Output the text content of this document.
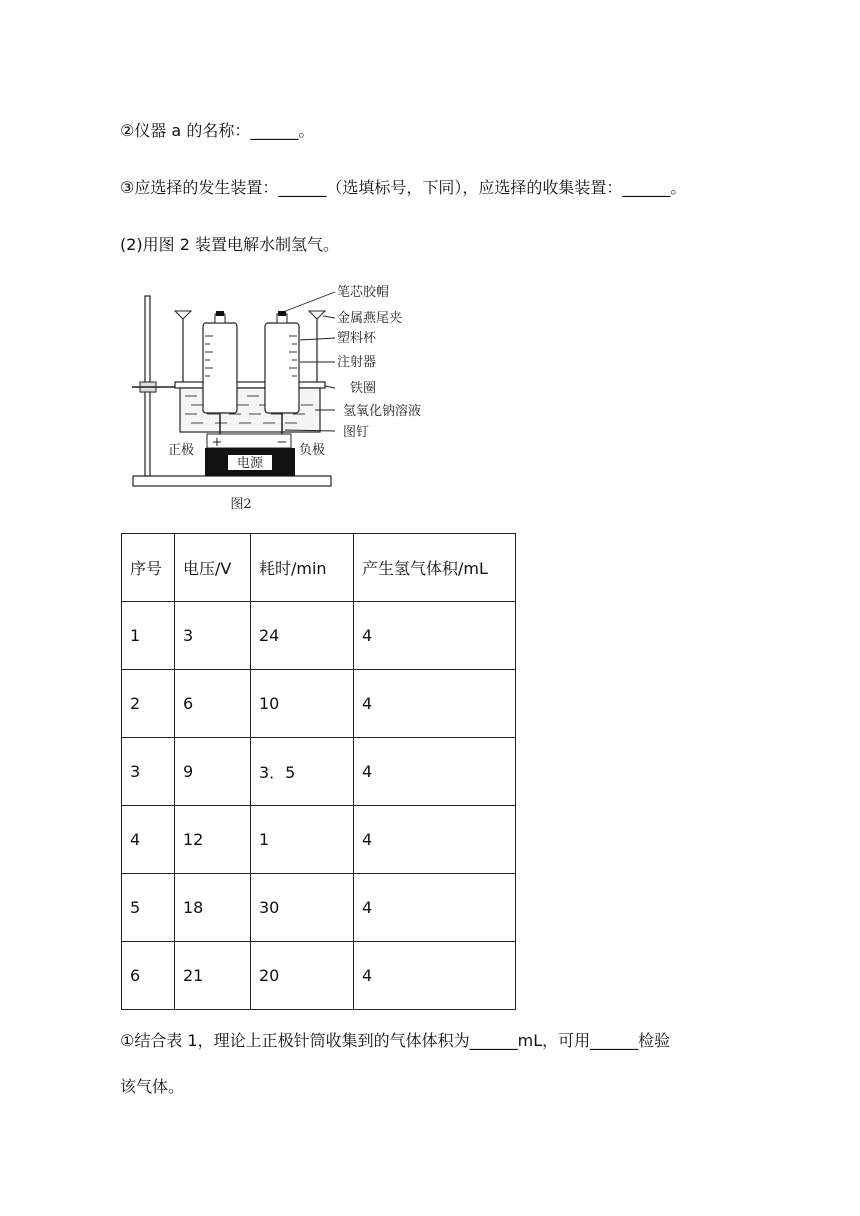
②仪器 a 的名称：______。
③应选择的发生装置：______（选填标号，下同），应选择的收集装置：______。
(2)用图 2 装置电解水制氢气。
电源
+	−
正极	负极
笔芯胶帽
金属燕尾夹
塑料杯
注射器
铁圈
氢氧化钠溶液
图钉
图2
序号	电压/V	耗时/min	产生氢气体积/mL
1	3	24	4
2	6	10	4
3	9	3．5	4
4	12	1	4
5	18	30	4
6	21	20	4
①结合表 1，理论上正极针筒收集到的气体体积为______mL，可用______检验
该气体。
